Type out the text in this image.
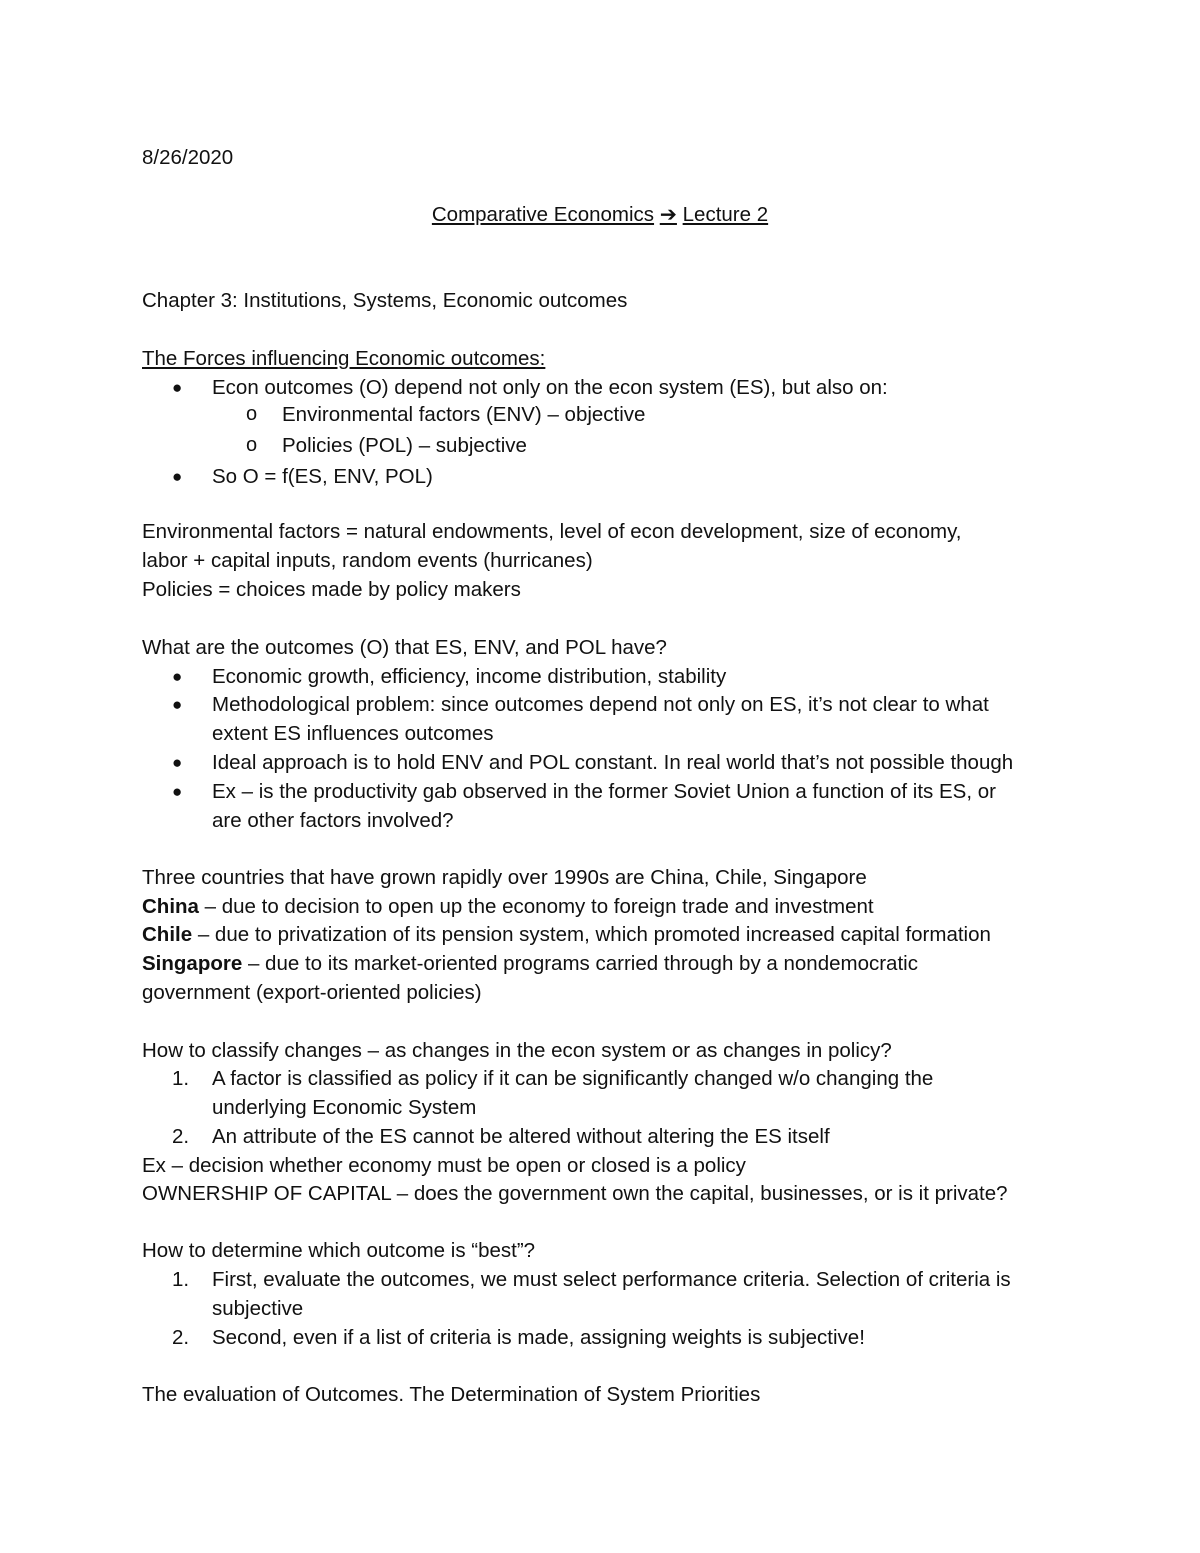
8/26/2020

Comparative Economics ➔ Lecture 2

Chapter 3: Institutions, Systems, Economic outcomes

The Forces influencing Economic outcomes:

● Econ outcomes (O) depend not only on the econ system (ES), but also on:

o Environmental factors (ENV) – objective

o Policies (POL) – subjective

● So O = f(ES, ENV, POL)

Environmental factors = natural endowments, level of econ development, size of economy,

labor + capital inputs, random events (hurricanes)

Policies = choices made by policy makers

What are the outcomes (O) that ES, ENV, and POL have?

● Economic growth, efficiency, income distribution, stability

● Methodological problem: since outcomes depend not only on ES, it’s not clear to what

extent ES influences outcomes

● Ideal approach is to hold ENV and POL constant. In real world that’s not possible though

● Ex – is the productivity gab observed in the former Soviet Union a function of its ES, or

are other factors involved?

Three countries that have grown rapidly over 1990s are China, Chile, Singapore

China – due to decision to open up the economy to foreign trade and investment

Chile – due to privatization of its pension system, which promoted increased capital formation

Singapore – due to its market-oriented programs carried through by a nondemocratic

government (export-oriented policies)

How to classify changes – as changes in the econ system or as changes in policy?

1. A factor is classified as policy if it can be significantly changed w/o changing the

underlying Economic System

2. An attribute of the ES cannot be altered without altering the ES itself

Ex – decision whether economy must be open or closed is a policy

OWNERSHIP OF CAPITAL – does the government own the capital, businesses, or is it private?

How to determine which outcome is “best”?

1. First, evaluate the outcomes, we must select performance criteria. Selection of criteria is

subjective

2. Second, even if a list of criteria is made, assigning weights is subjective!

The evaluation of Outcomes. The Determination of System Priorities
